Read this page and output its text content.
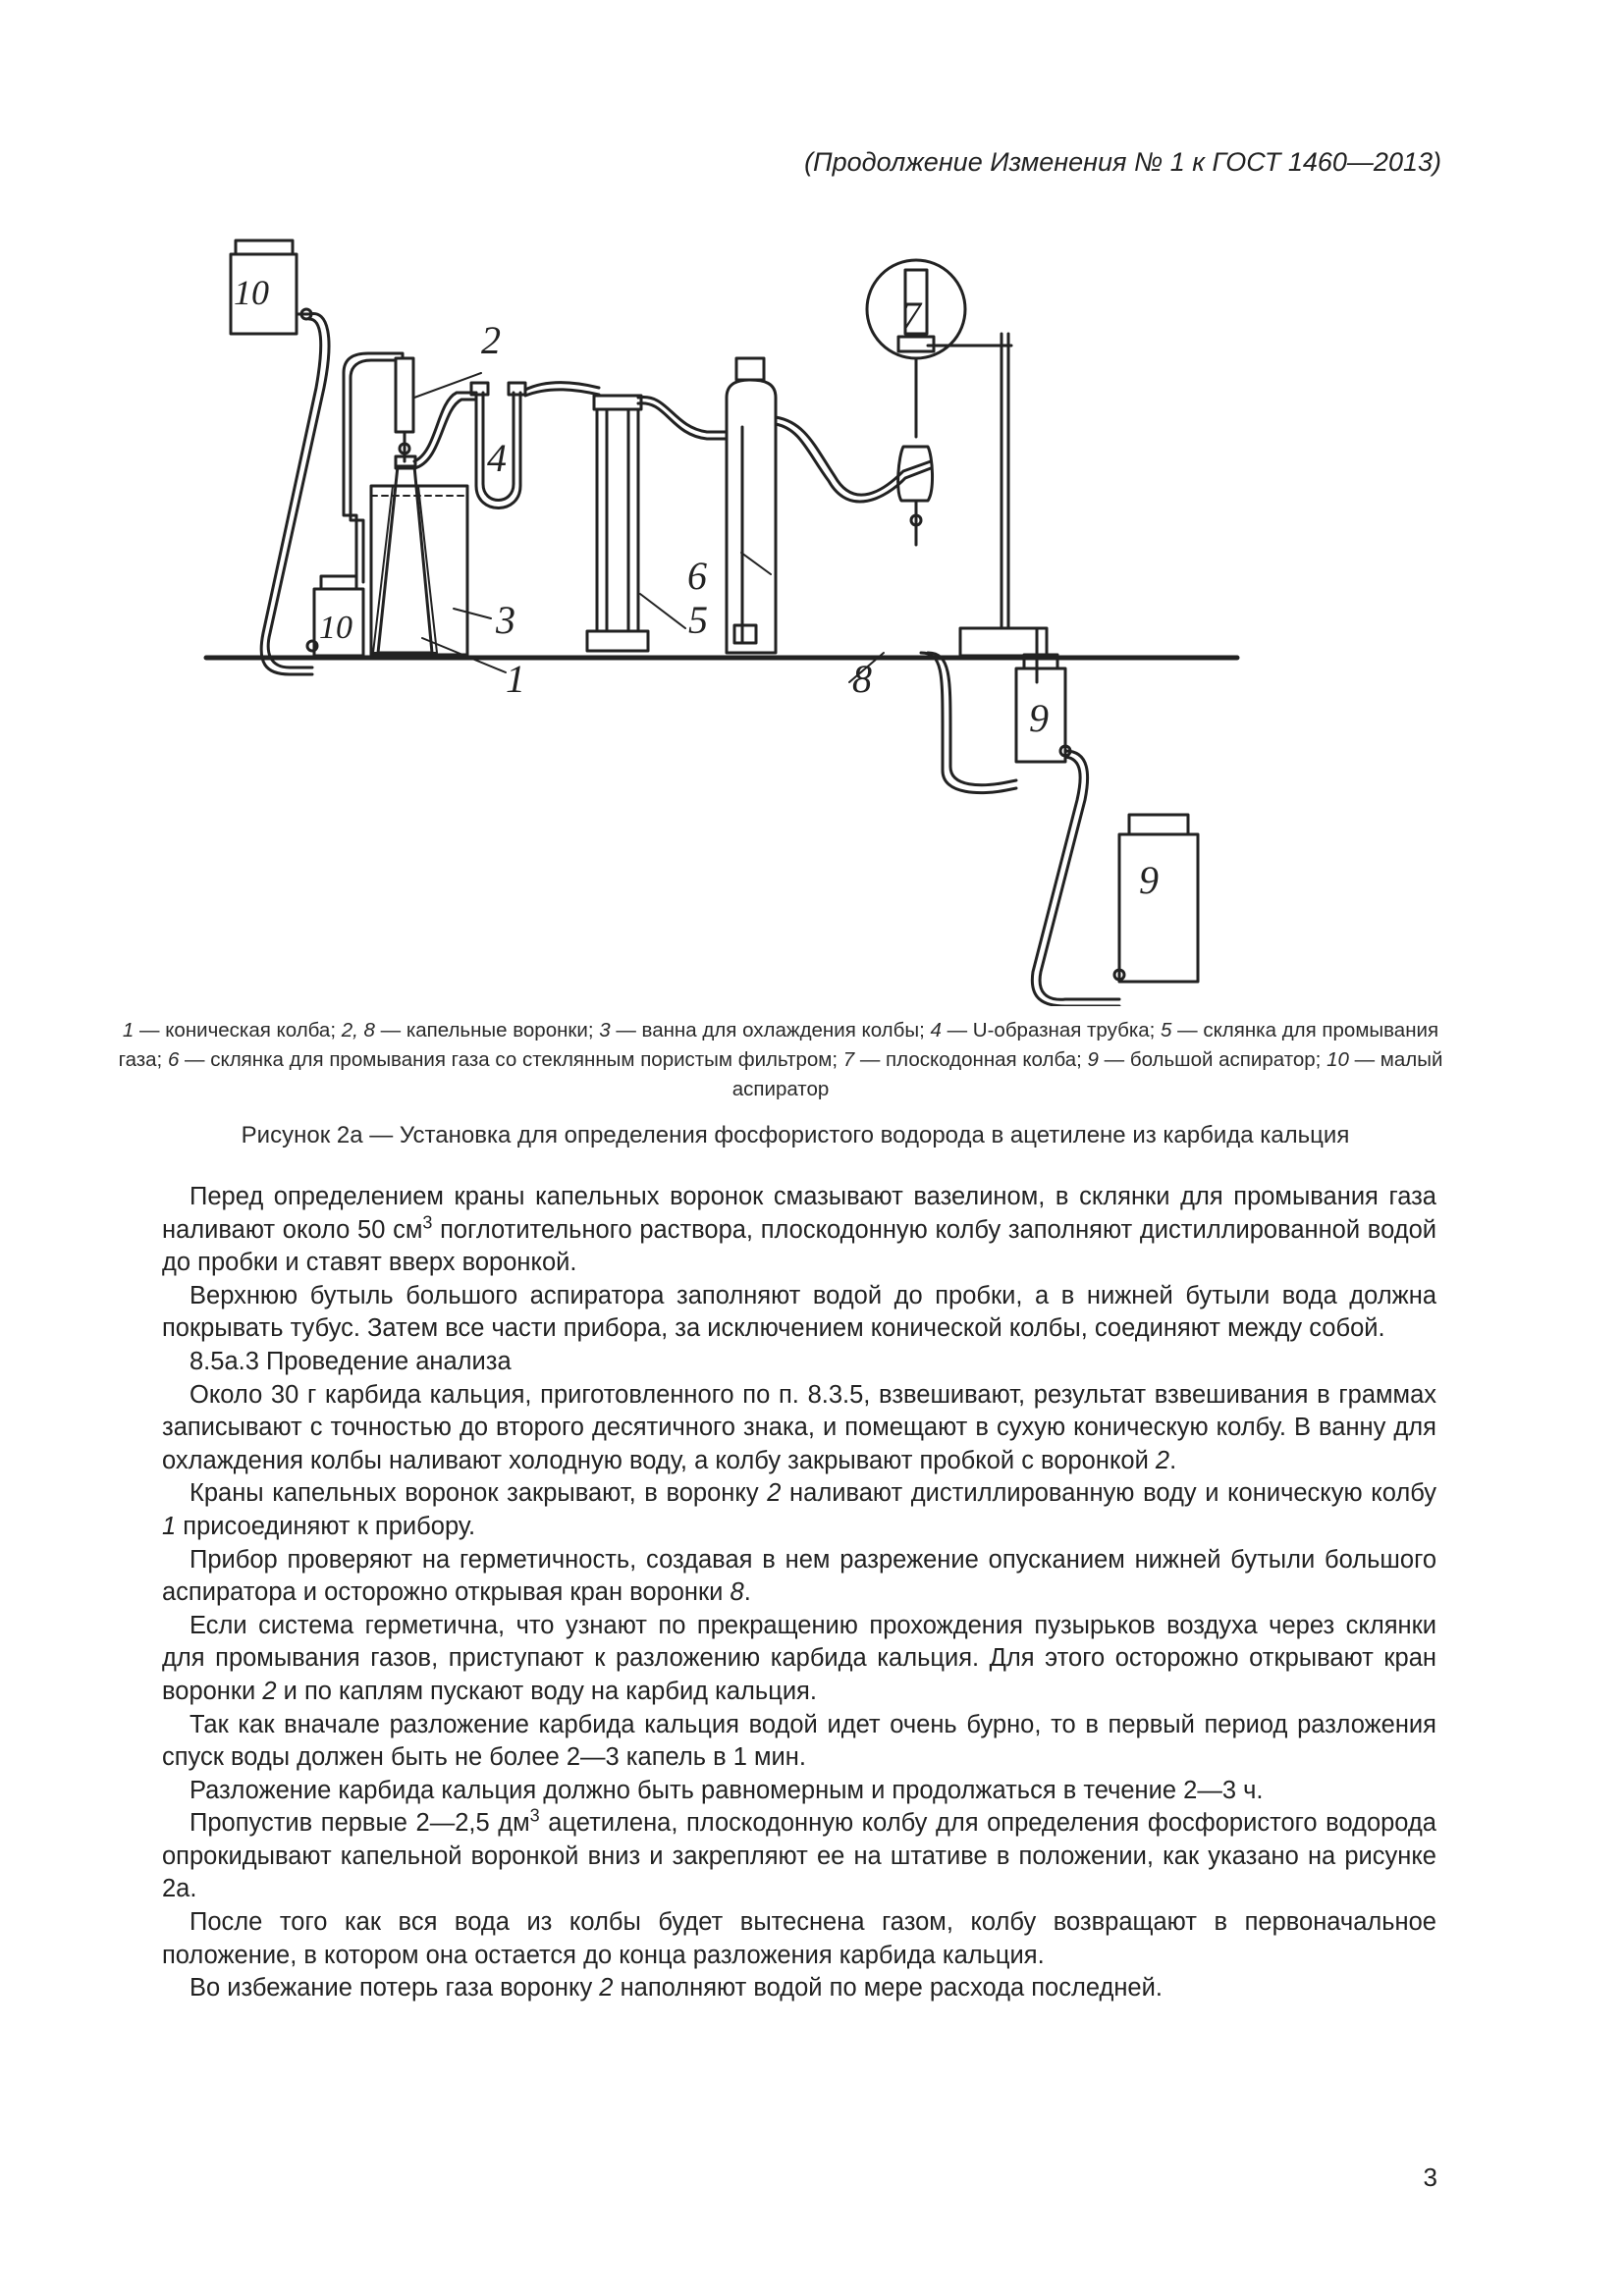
(Продолжение Изменения № 1 к ГОСТ 1460—2013)
1
2
3
4
5
6
7
8
9
9
10
10
1 — коническая колба; 2, 8 — капельные воронки; 3 — ванна для охлаждения колбы; 4 — U-образная трубка; 5 — склянка для промывания газа; 6 — склянка для промывания газа со стеклянным пористым фильтром; 7 — плоскодонная колба; 9 — большой аспиратор; 10 — малый аспиратор
Рисунок 2а — Установка для определения фосфористого водорода в ацетилене из карбида кальция

Перед определением краны капельных воронок смазывают вазелином, в склянки для промывания газа наливают около 50 $см^3$ поглотительного раствора, плоскодонную колбу заполняют дистиллированной водой до пробки и ставят вверх воронкой.

Верхнюю бутыль большого аспиратора заполняют водой до пробки, а в нижней бутыли вода должна покрывать тубус. Затем все части прибора, за исключением конической колбы, соединяют между собой.

8.5а.3 Проведение анализа

Около 30 г карбида кальция, приготовленного по п. 8.3.5, взвешивают, результат взвешивания в граммах записывают с точностью до второго десятичного знака, и помещают в сухую коническую колбу. В ванну для охлаждения колбы наливают холодную воду, а колбу закрывают пробкой с воронкой 2.

Краны капельных воронок закрывают, в воронку 2 наливают дистиллированную воду и коническую колбу 1 присоединяют к прибору.

Прибор проверяют на герметичность, создавая в нем разрежение опусканием нижней бутыли большого аспиратора и осторожно открывая кран воронки 8.

Если система герметична, что узнают по прекращению прохождения пузырьков воздуха через склянки для промывания газов, приступают к разложению карбида кальция. Для этого осторожно открывают кран воронки 2 и по каплям пускают воду на карбид кальция.

Так как вначале разложение карбида кальция водой идет очень бурно, то в первый период разложения спуск воды должен быть не более 2—3 капель в 1 мин.

Разложение карбида кальция должно быть равномерным и продолжаться в течение 2—3 ч.

Пропустив первые 2—2,5 $дм^3$ ацетилена, плоскодонную колбу для определения фосфористого водорода опрокидывают капельной воронкой вниз и закрепляют ее на штативе в положении, как указано на рисунке 2а.

После того как вся вода из колбы будет вытеснена газом, колбу возвращают в первоначальное положение, в котором она остается до конца разложения карбида кальция.

Во избежание потерь газа воронку 2 наполняют водой по мере расхода последней.

3
